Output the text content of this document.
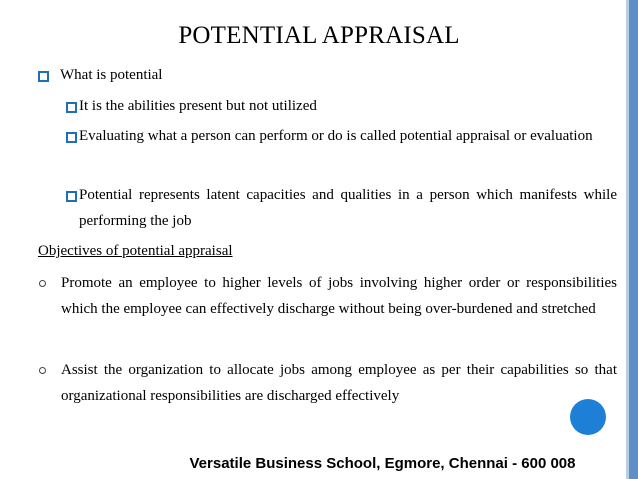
POTENTIAL APPRAISAL
What is potential
It is the abilities present but not utilized
Evaluating what a person can perform or do is called potential appraisal or evaluation
Potential represents latent capacities and qualities in a person which manifests while performing the job
Objectives of potential appraisal
Promote an employee to higher levels of jobs involving higher order or responsibilities which the employee can effectively discharge without being over-burdened and stretched
Assist the organization to allocate jobs among employee as per their capabilities so that organizational responsibilities are discharged effectively
Versatile Business School, Egmore, Chennai - 600 008
